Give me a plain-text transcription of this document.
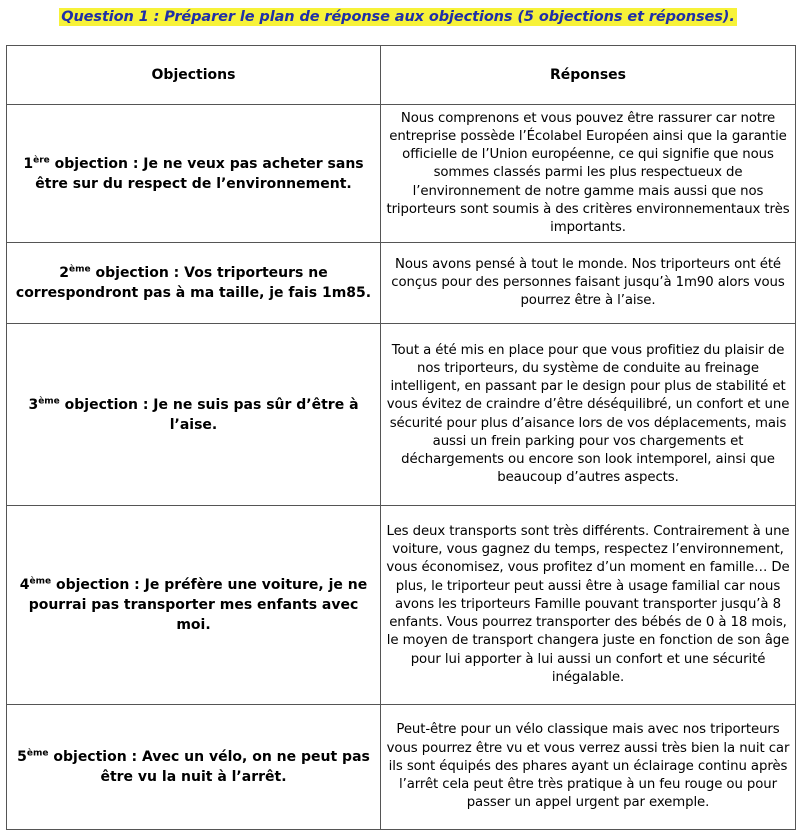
Question 1 : Préparer le plan de réponse aux objections (5 objections et réponses).
Objections	Réponses
1ère objection : Je ne veux pas acheter sans être sur du respect de l’environnement.	Nous comprenons et vous pouvez être rassurer car notre entreprise possède l’Écolabel Européen ainsi que la garantie officielle de l’Union européenne, ce qui signifie que nous sommes classés parmi les plus respectueux de l’environnement de notre gamme mais aussi que nos triporteurs sont soumis à des critères environnementaux très importants.
2ème objection : Vos triporteurs ne correspondront pas à ma taille, je fais 1m85.	Nous avons pensé à tout le monde. Nos triporteurs ont été conçus pour des personnes faisant jusqu’à 1m90 alors vous pourrez être à l’aise.
3ème objection : Je ne suis pas sûr d’être à l’aise.	Tout a été mis en place pour que vous profitiez du plaisir de nos triporteurs, du système de conduite au freinage intelligent, en passant par le design pour plus de stabilité et vous évitez de craindre d’être déséquilibré, un confort et une sécurité pour plus d’aisance lors de vos déplacements, mais aussi un frein parking pour vos chargements et déchargements ou encore son look intemporel, ainsi que beaucoup d’autres aspects.
4ème objection : Je préfère une voiture, je ne pourrai pas transporter mes enfants avec moi.	Les deux transports sont très différents. Contrairement à une voiture, vous gagnez du temps, respectez l’environnement, vous économisez, vous profitez d’un moment en famille… De plus, le triporteur peut aussi être à usage familial car nous avons les triporteurs Famille pouvant transporter jusqu’à 8 enfants. Vous pourrez transporter des bébés de 0 à 18 mois, le moyen de transport changera juste en fonction de son âge pour lui apporter à lui aussi un confort et une sécurité inégalable.
5ème objection : Avec un vélo, on ne peut pas être vu la nuit à l’arrêt.	Peut-être pour un vélo classique mais avec nos triporteurs vous pourrez être vu et vous verrez aussi très bien la nuit car ils sont équipés des phares ayant un éclairage continu après l’arrêt cela peut être très pratique à un feu rouge ou pour passer un appel urgent par exemple.
